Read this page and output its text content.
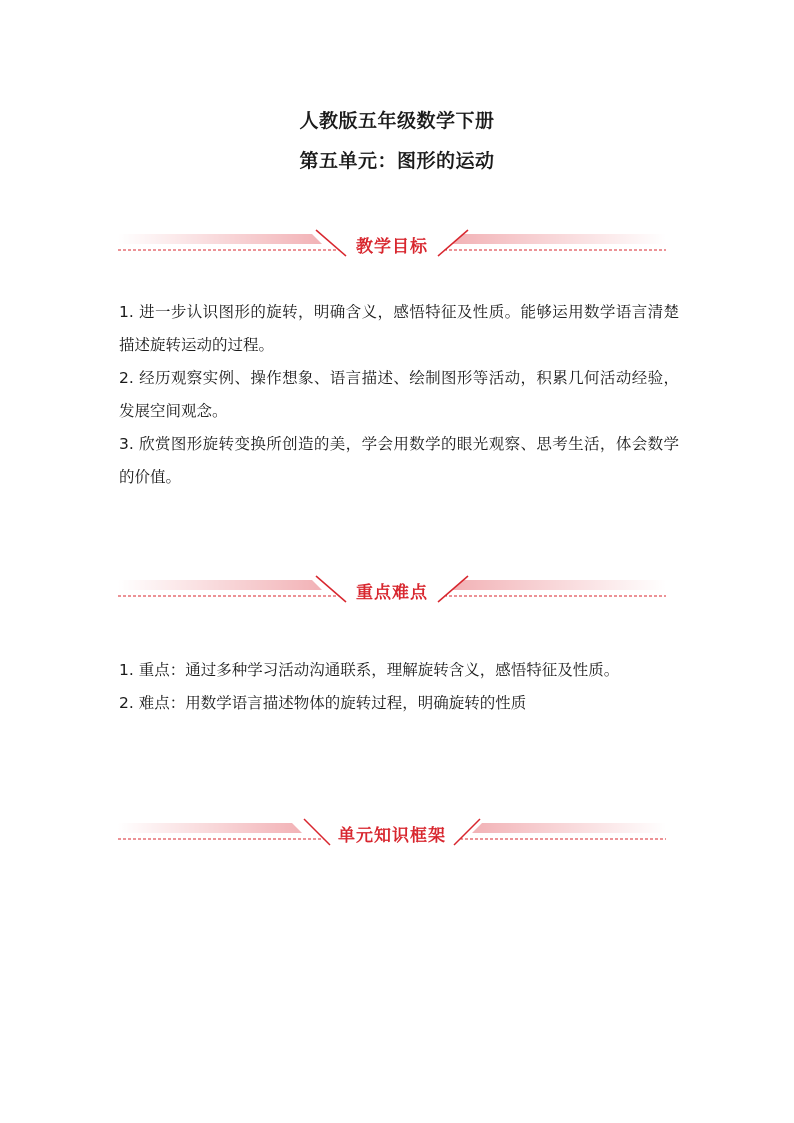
人教版五年级数学下册
第五单元：图形的运动
教学目标

1. 进一步认识图形的旋转，明确含义，感悟特征及性质。能够运用数学语言清楚描述旋转运动的过程。

2. 经历观察实例、操作想象、语言描述、绘制图形等活动，积累几何活动经验，发展空间观念。

3. 欣赏图形旋转变换所创造的美，学会用数学的眼光观察、思考生活，体会数学的价值。

重点难点

1. 重点：通过多种学习活动沟通联系，理解旋转含义，感悟特征及性质。

2. 难点：用数学语言描述物体的旋转过程，明确旋转的性质

单元知识框架
